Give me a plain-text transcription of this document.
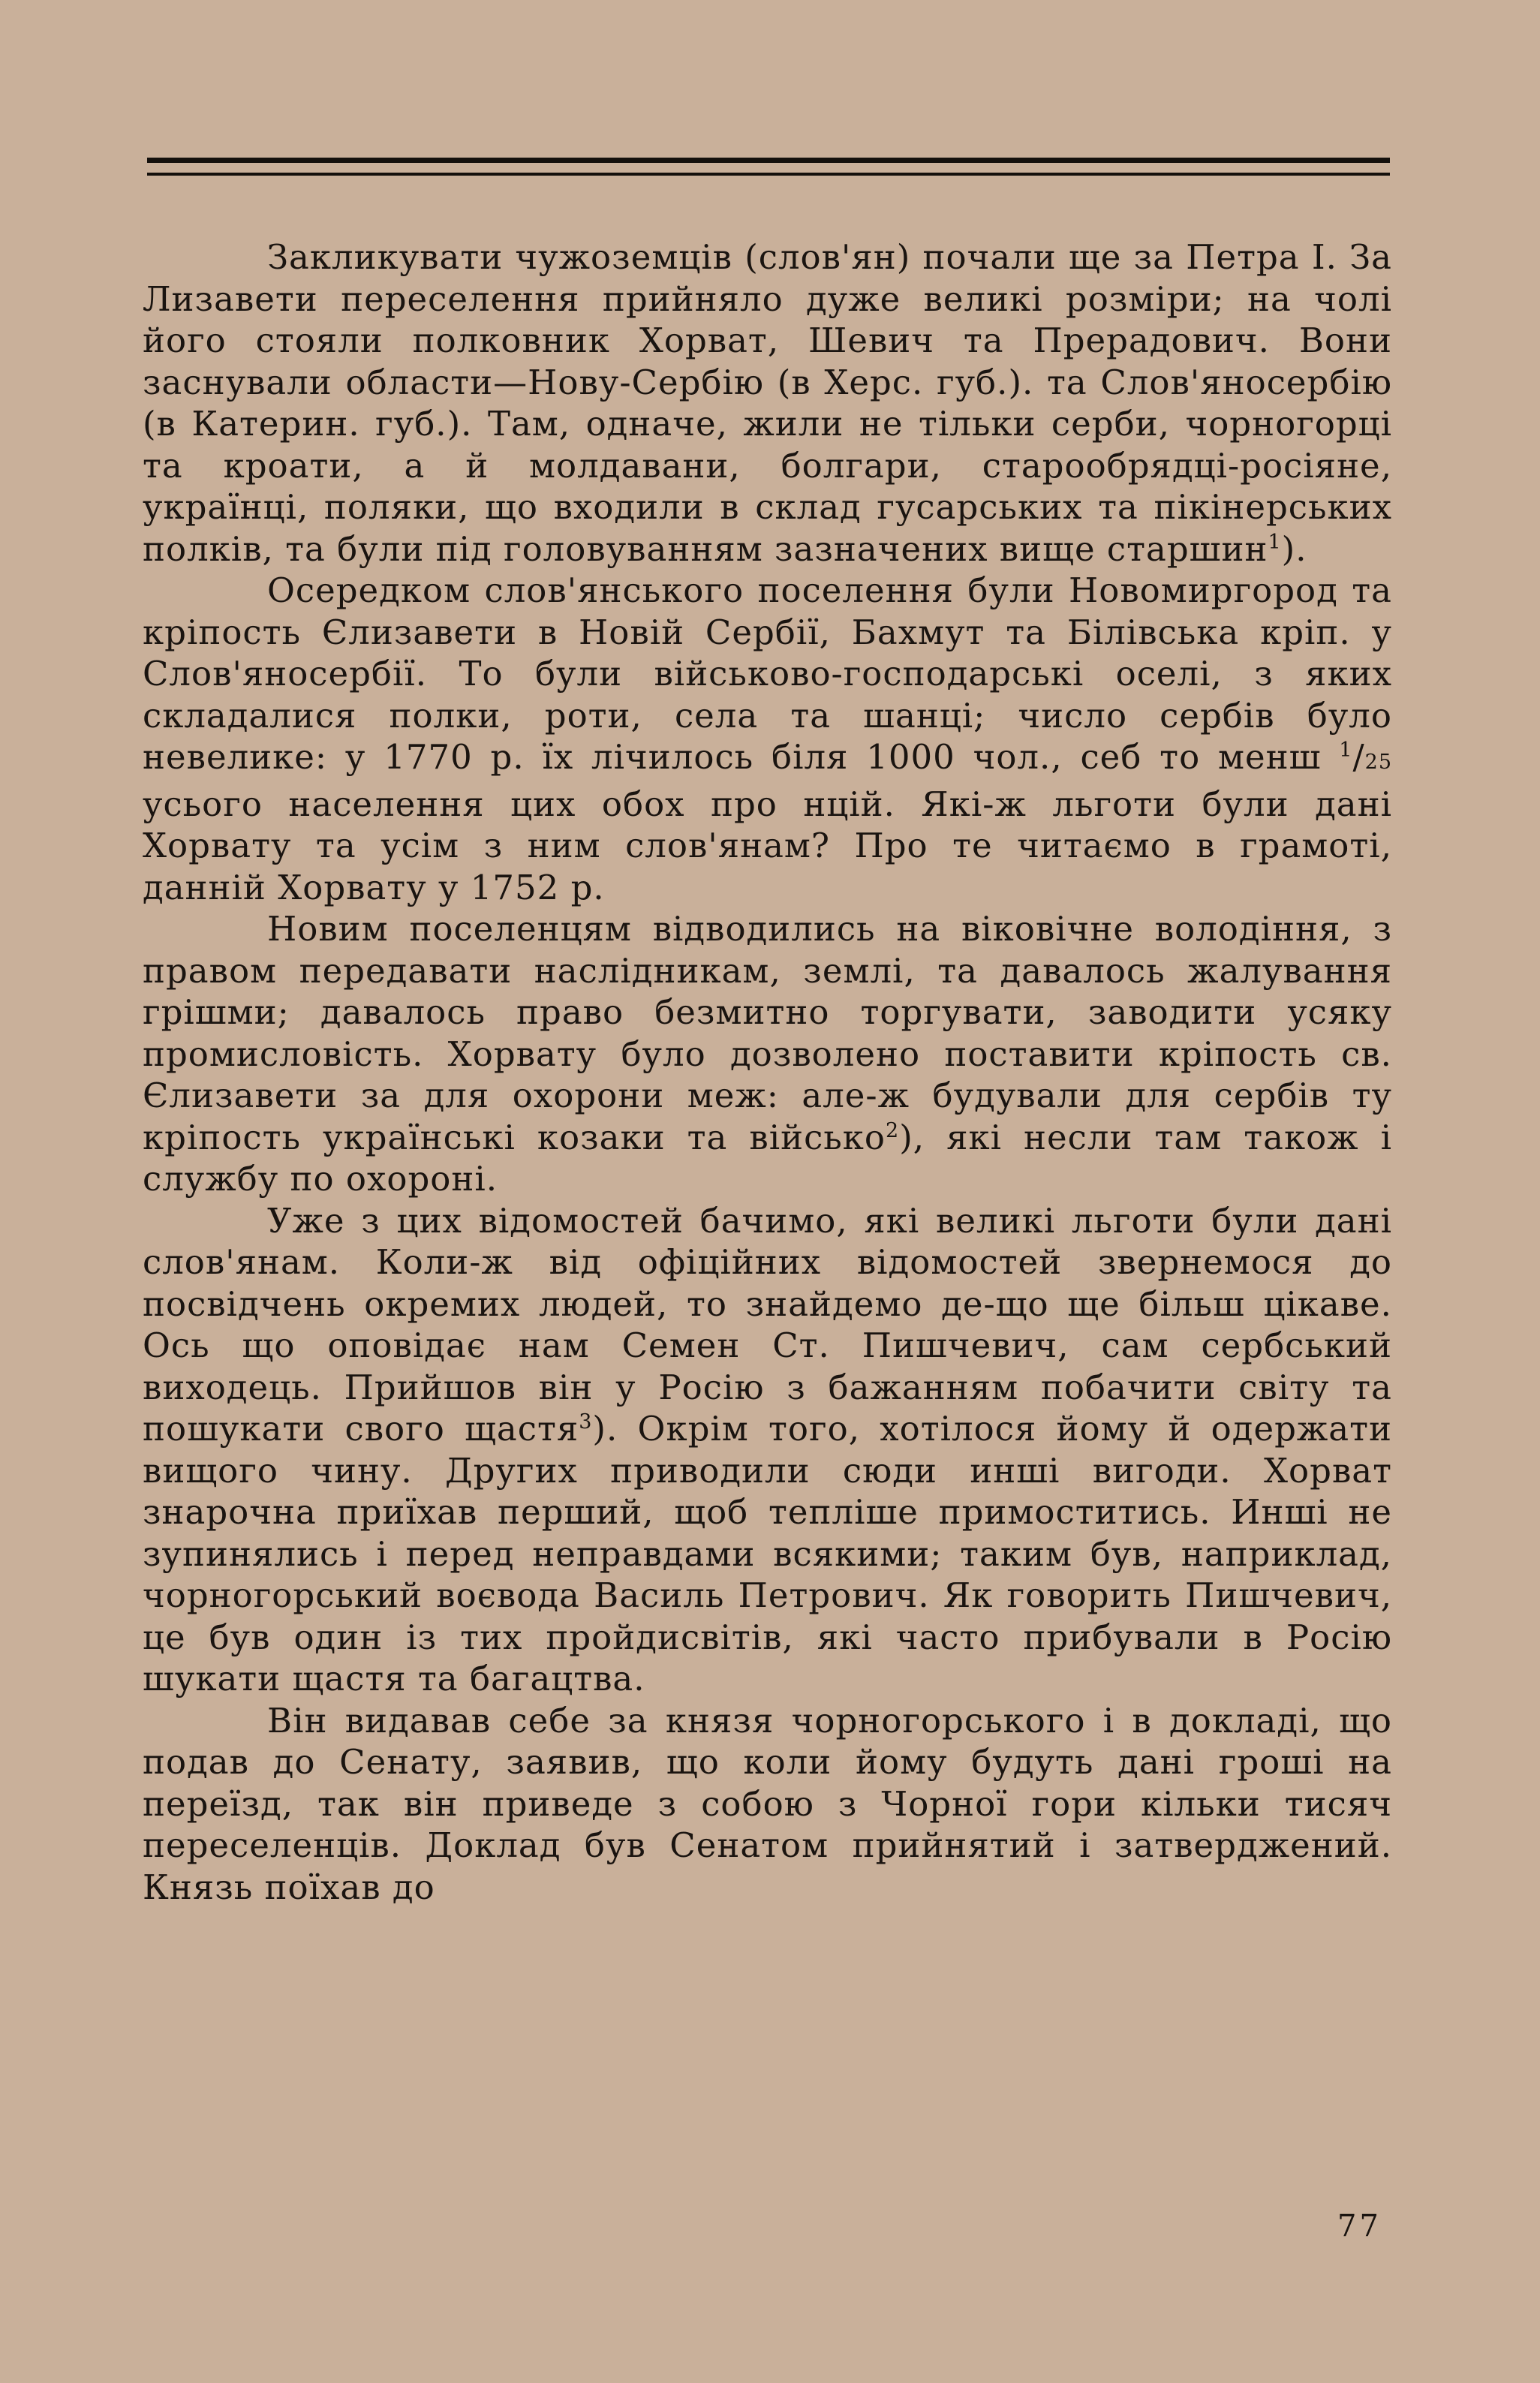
Закликувати чужоземців (слов'ян) почали ще за Петра І. За Лизавети переселення прийняло дуже великі розміри; на чолі його стояли полковник Хорват, Шевич та Прерадович. Вони заснували области—Нову-Сербію (в Херс. губ.). та Слов'яносербію (в Катерин. губ.). Там, одначе, жили не тільки серби, чорногорці та кроати, а й молдавани, болгари, старообрядці-росіяне, українці, поляки, що входили в склад гусарських та пікінерських полків, та були під головуванням зазначених вище старшин$^1$).

Осередком слов'янського поселення були Новомиргород та кріпость Єлизавети в Новій Сербії, Бахмут та Білівська кріп. у Слов'яносербії. То були військово-господарські оселі, з яких складалися полки, роти, села та шанці; число сербів було невелике: у 1770 р. їх лічилось біля 1000 чол., себ то менш $^1$/25 усього населення цих обох про нцій. Які-ж льготи були дані Хорвату та усім з ним слов'янам? Про те читаємо в грамоті, данній Хорвату у 1752 р.

Новим поселенцям відводились на віковічне володіння, з правом передавати наслідникам, землі, та давалось жалування грішми; давалось право безмитно торгувати, заводити усяку промисловість. Хорвату було дозволено поставити кріпость св. Єлизавети за для охорони меж: але-ж будували для сербів ту кріпость українські козаки та військо$^2$), які несли там також і службу по охороні.

Уже з цих відомостей бачимо, які великі льготи були дані слов'янам. Коли-ж від офіційних відомостей звернемося до посвідчень окремих людей, то знайдемо де-що ще більш цікаве. Ось що оповідає нам Семен Ст. Пишчевич, сам сербський виходець. Прийшов він у Росію з бажанням побачити світу та пошукати свого щастя$^3$). Окрім того, хотілося йому й одержати вищого чину. Других приводили сюди инші вигоди. Хорват знарочна приїхав перший, щоб тепліше примоститись. Инші не зупинялись і перед неправдами всякими; таким був, наприклад, чорногорський воєвода Василь Петрович. Як говорить Пишчевич, це був один із тих пройдисвітів, які часто прибували в Росію шукати щастя та багацтва.

Він видавав себе за князя чорногорського і в докладі, що подав до Сенату, заявив, що коли йому будуть дані гроші на переїзд, так він приведе з собою з Чорної гори кільки тисяч переселенців. Доклад був Сенатом прийнятий і затверджений. Князь поїхав до

77
